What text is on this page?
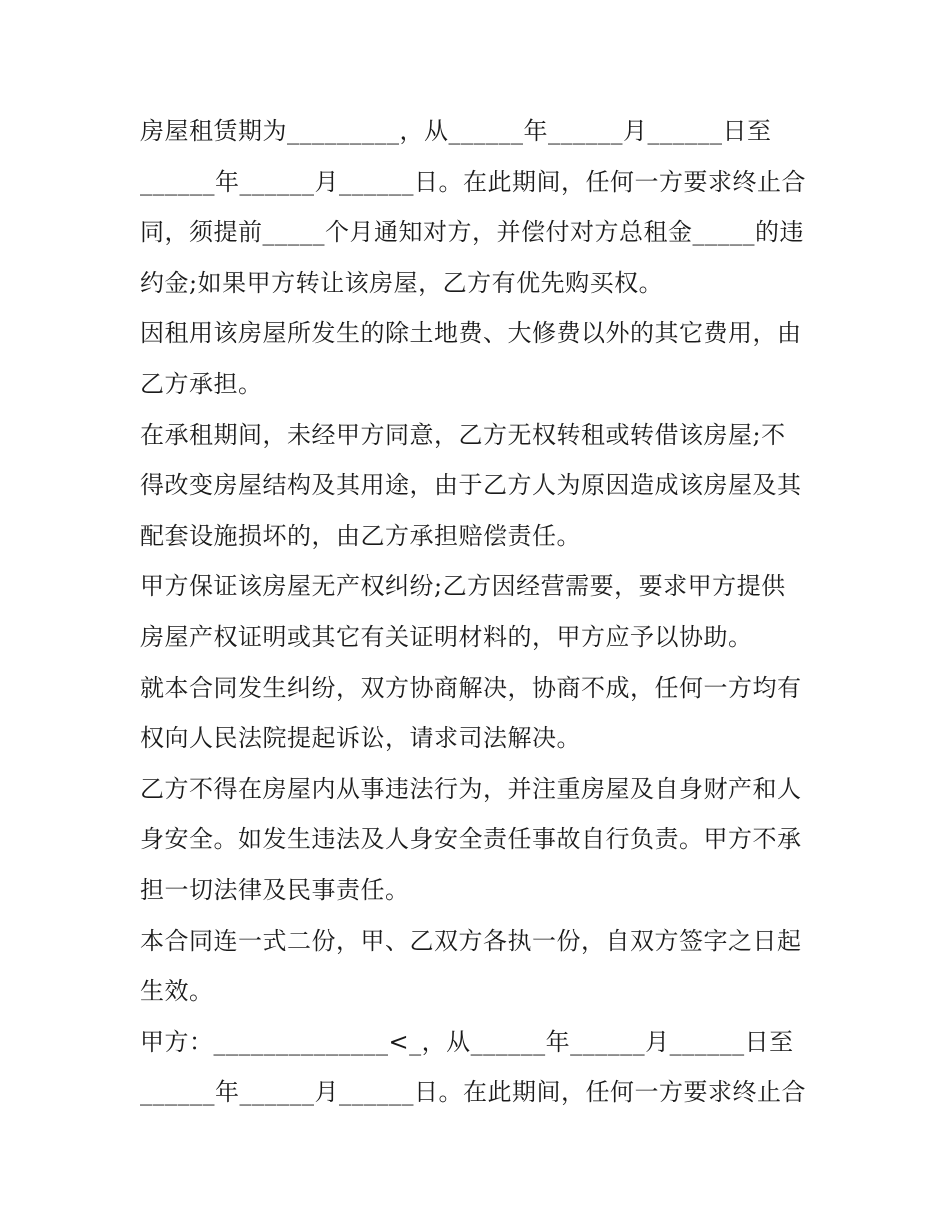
房屋租赁期为_________，从______年______月______日至
______年______月______日。在此期间，任何一方要求终止合
同，须提前_____个月通知对方，并偿付对方总租金_____的违
约金;如果甲方转让该房屋，乙方有优先购买权。
因租用该房屋所发生的除土地费、大修费以外的其它费用，由
乙方承担。
在承租期间，未经甲方同意，乙方无权转租或转借该房屋;不
得改变房屋结构及其用途，由于乙方人为原因造成该房屋及其
配套设施损坏的，由乙方承担赔偿责任。
甲方保证该房屋无产权纠纷;乙方因经营需要，要求甲方提供
房屋产权证明或其它有关证明材料的，甲方应予以协助。
就本合同发生纠纷，双方协商解决，协商不成，任何一方均有
权向人民法院提起诉讼，请求司法解决。
乙方不得在房屋内从事违法行为，并注重房屋及自身财产和人
身安全。如发生违法及人身安全责任事故自行负责。甲方不承
担一切法律及民事责任。
本合同连一式二份，甲、乙双方各执一份，自双方签字之日起
生效。
甲方：______________<_，从______年______月______日至
______年______月______日。在此期间，任何一方要求终止合
